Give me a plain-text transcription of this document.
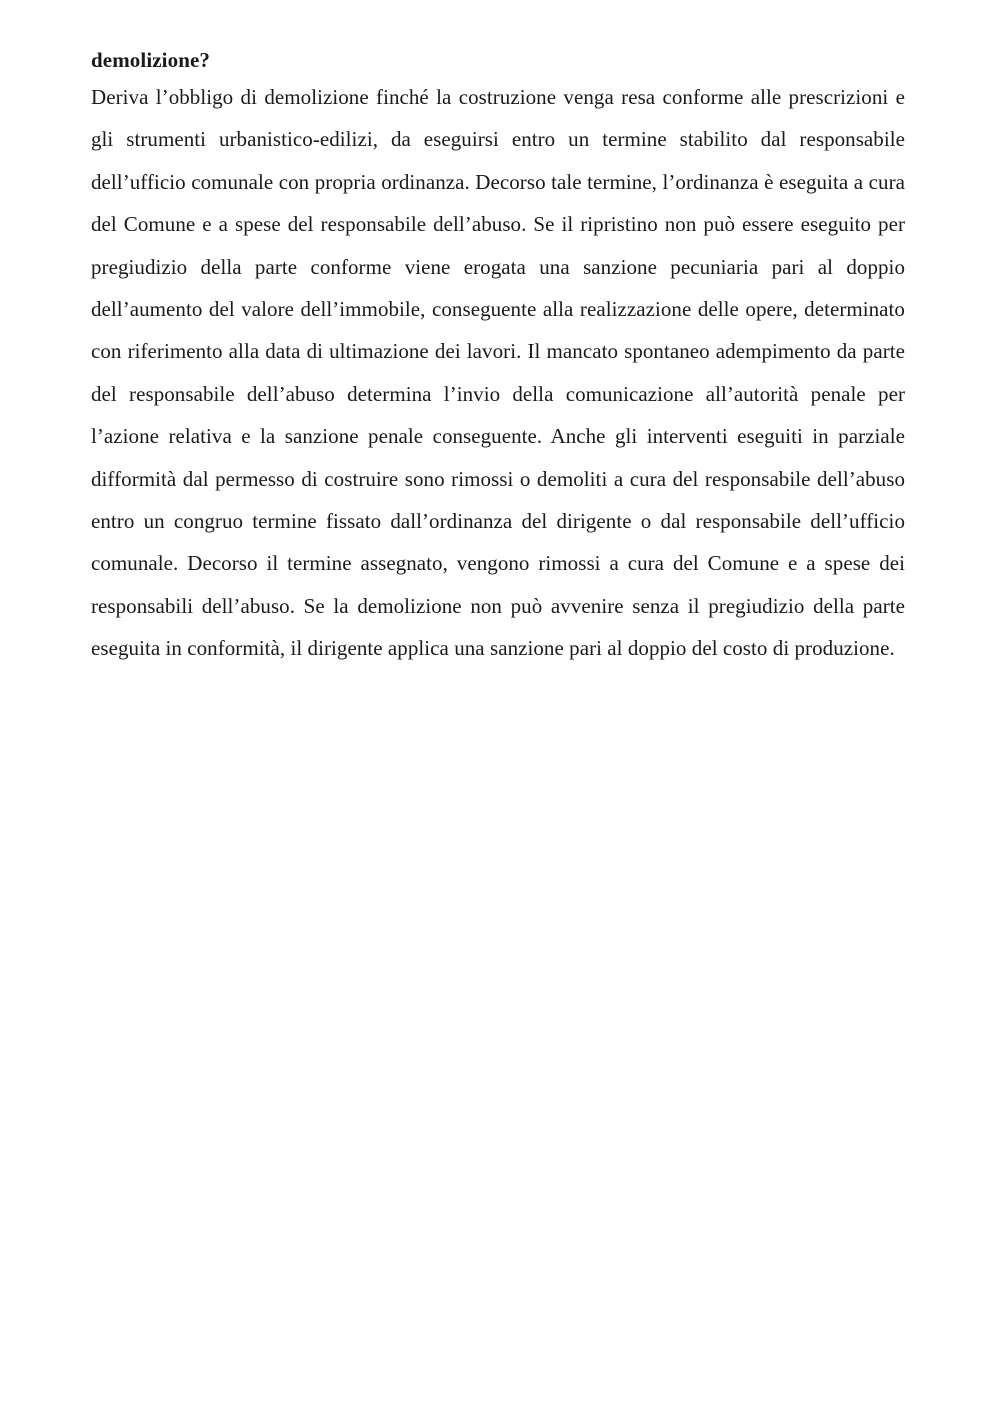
demolizione?

Deriva l’obbligo di demolizione finché la costruzione venga resa conforme alle prescrizioni e gli strumenti urbanistico-edilizi, da eseguirsi entro un termine stabilito dal responsabile dell’ufficio comunale con propria ordinanza. Decorso tale termine, l’ordinanza è eseguita a cura del Comune e a spese del responsabile dell’abuso. Se il ripristino non può essere eseguito per pregiudizio della parte conforme viene erogata una sanzione pecuniaria pari al doppio dell’aumento del valore dell’immobile, conseguente alla realizzazione delle opere, determinato con riferimento alla data di ultimazione dei lavori. Il mancato spontaneo adempimento da parte del responsabile dell’abuso determina l’invio della comunicazione all’autorità penale per l’azione relativa e la sanzione penale conseguente. Anche gli interventi eseguiti in parziale difformità dal permesso di costruire sono rimossi o demoliti a cura del responsabile dell’abuso entro un congruo termine fissato dall’ordinanza del dirigente o dal responsabile dell’ufficio comunale. Decorso il termine assegnato, vengono rimossi a cura del Comune e a spese dei responsabili dell’abuso. Se la demolizione non può avvenire senza il pregiudizio della parte eseguita in conformità, il dirigente applica una sanzione pari al doppio del costo di produzione.
